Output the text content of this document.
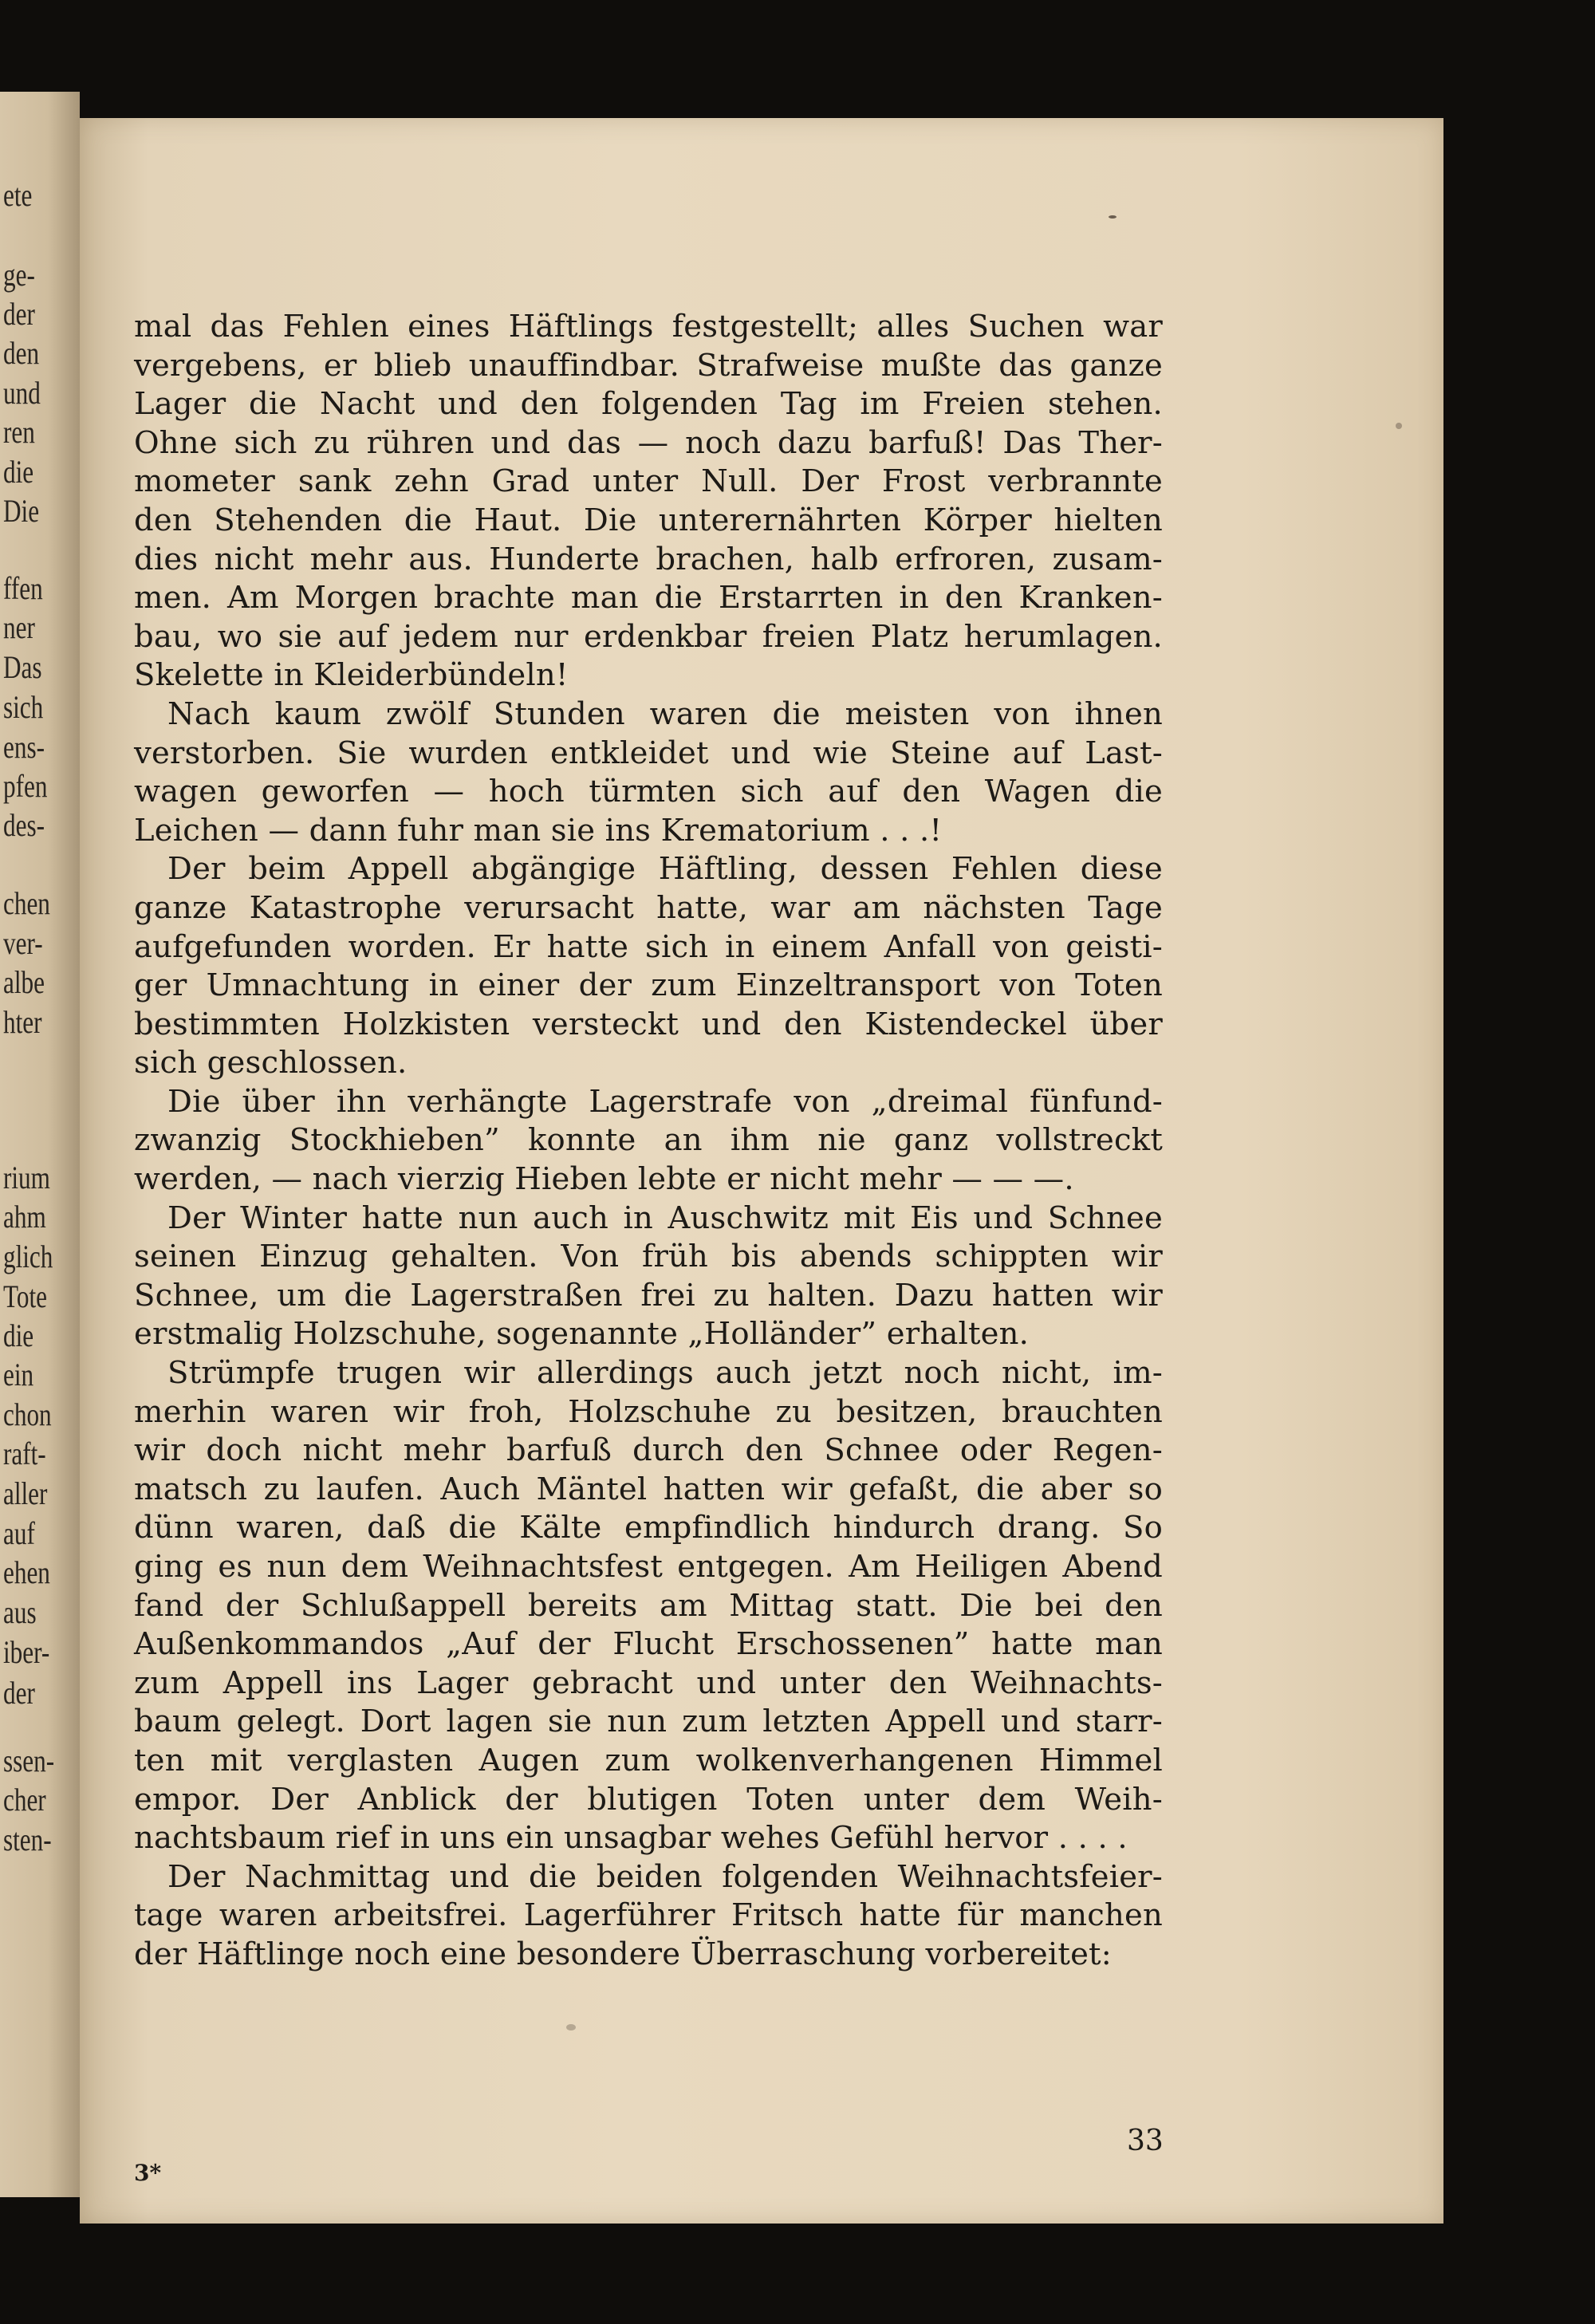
ete
ge-
der
den
und
ren
die
Die
ffen
ner
Das
sich
ens-
pfen
des-
chen
ver-
albe
hter
rium
ahm
glich
Tote
die
ein
chon
raft-
aller
auf
ehen
aus
iber-
der
ssen-
cher
sten-
mal das Fehlen eines Häftlings festgestellt; alles Suchen war
vergebens, er blieb unauffindbar. Strafweise mußte das ganze
Lager die Nacht und den folgenden Tag im Freien stehen.
Ohne sich zu rühren und das — noch dazu barfuß! Das Ther-
mometer sank zehn Grad unter Null. Der Frost verbrannte
den Stehenden die Haut. Die unterernährten Körper hielten
dies nicht mehr aus. Hunderte brachen, halb erfroren, zusam-
men. Am Morgen brachte man die Erstarrten in den Kranken-
bau, wo sie auf jedem nur erdenkbar freien Platz herumlagen.
Skelette in Kleiderbündeln!
Nach kaum zwölf Stunden waren die meisten von ihnen
verstorben. Sie wurden entkleidet und wie Steine auf Last-
wagen geworfen — hoch türmten sich auf den Wagen die
Leichen — dann fuhr man sie ins Krematorium . . .!
Der beim Appell abgängige Häftling, dessen Fehlen diese
ganze Katastrophe verursacht hatte, war am nächsten Tage
aufgefunden worden. Er hatte sich in einem Anfall von geisti-
ger Umnachtung in einer der zum Einzeltransport von Toten
bestimmten Holzkisten versteckt und den Kistendeckel über
sich geschlossen.
Die über ihn verhängte Lagerstrafe von „dreimal fünfund-
zwanzig Stockhieben” konnte an ihm nie ganz vollstreckt
werden, — nach vierzig Hieben lebte er nicht mehr — — —.
Der Winter hatte nun auch in Auschwitz mit Eis und Schnee
seinen Einzug gehalten. Von früh bis abends schippten wir
Schnee, um die Lagerstraßen frei zu halten. Dazu hatten wir
erstmalig Holzschuhe, sogenannte „Holländer” erhalten.
Strümpfe trugen wir allerdings auch jetzt noch nicht, im-
merhin waren wir froh, Holzschuhe zu besitzen, brauchten
wir doch nicht mehr barfuß durch den Schnee oder Regen-
matsch zu laufen. Auch Mäntel hatten wir gefaßt, die aber so
dünn waren, daß die Kälte empfindlich hindurch drang. So
ging es nun dem Weihnachtsfest entgegen. Am Heiligen Abend
fand der Schlußappell bereits am Mittag statt. Die bei den
Außenkommandos „Auf der Flucht Erschossenen” hatte man
zum Appell ins Lager gebracht und unter den Weihnachts-
baum gelegt. Dort lagen sie nun zum letzten Appell und starr-
ten mit verglasten Augen zum wolkenverhangenen Himmel
empor. Der Anblick der blutigen Toten unter dem Weih-
nachtsbaum rief in uns ein unsagbar wehes Gefühl hervor . . . .
Der Nachmittag und die beiden folgenden Weihnachtsfeier-
tage waren arbeitsfrei. Lagerführer Fritsch hatte für manchen
der Häftlinge noch eine besondere Überraschung vorbereitet:
33
3*
